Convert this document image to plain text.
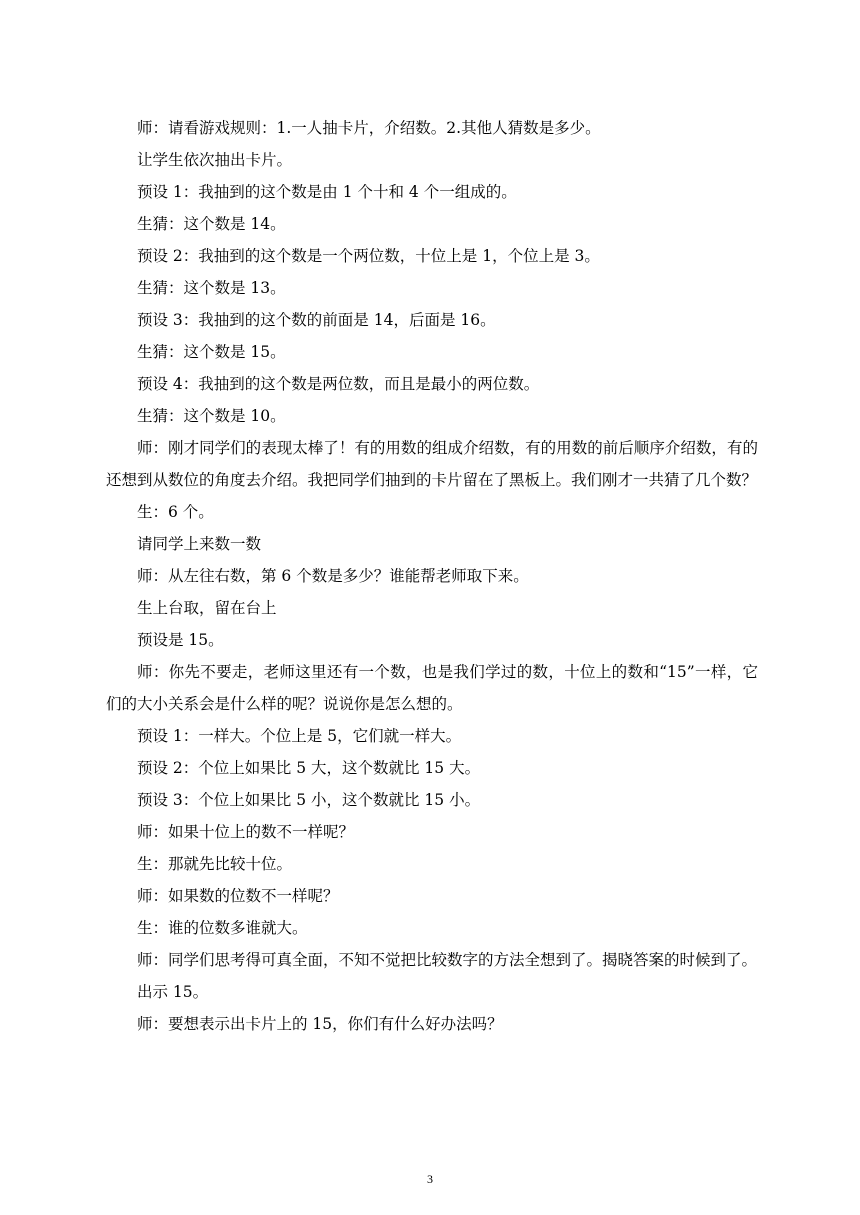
师：请看游戏规则：1.一人抽卡片，介绍数。2.其他人猜数是多少。

让学生依次抽出卡片。

预设 1：我抽到的这个数是由 1 个十和 4 个一组成的。

生猜：这个数是 14。

预设 2：我抽到的这个数是一个两位数，十位上是 1，个位上是 3。

生猜：这个数是 13。

预设 3：我抽到的这个数的前面是 14，后面是 16。

生猜：这个数是 15。

预设 4：我抽到的这个数是两位数，而且是最小的两位数。

生猜：这个数是 10。

师：刚才同学们的表现太棒了！有的用数的组成介绍数，有的用数的前后顺序介绍数，有的还想到从数位的角度去介绍。我把同学们抽到的卡片留在了黑板上。我们刚才一共猜了几个数？

生：6 个。

请同学上来数一数

师：从左往右数，第 6 个数是多少？谁能帮老师取下来。

生上台取，留在台上

预设是 15。

师：你先不要走，老师这里还有一个数，也是我们学过的数，十位上的数和“15”一样，它们的大小关系会是什么样的呢？说说你是怎么想的。

预设 1：一样大。个位上是 5，它们就一样大。

预设 2：个位上如果比 5 大，这个数就比 15 大。

预设 3：个位上如果比 5 小，这个数就比 15 小。

师：如果十位上的数不一样呢？

生：那就先比较十位。

师：如果数的位数不一样呢？

生：谁的位数多谁就大。

师：同学们思考得可真全面，不知不觉把比较数字的方法全想到了。揭晓答案的时候到了。

出示 15。

师：要想表示出卡片上的 15，你们有什么好办法吗？

3
